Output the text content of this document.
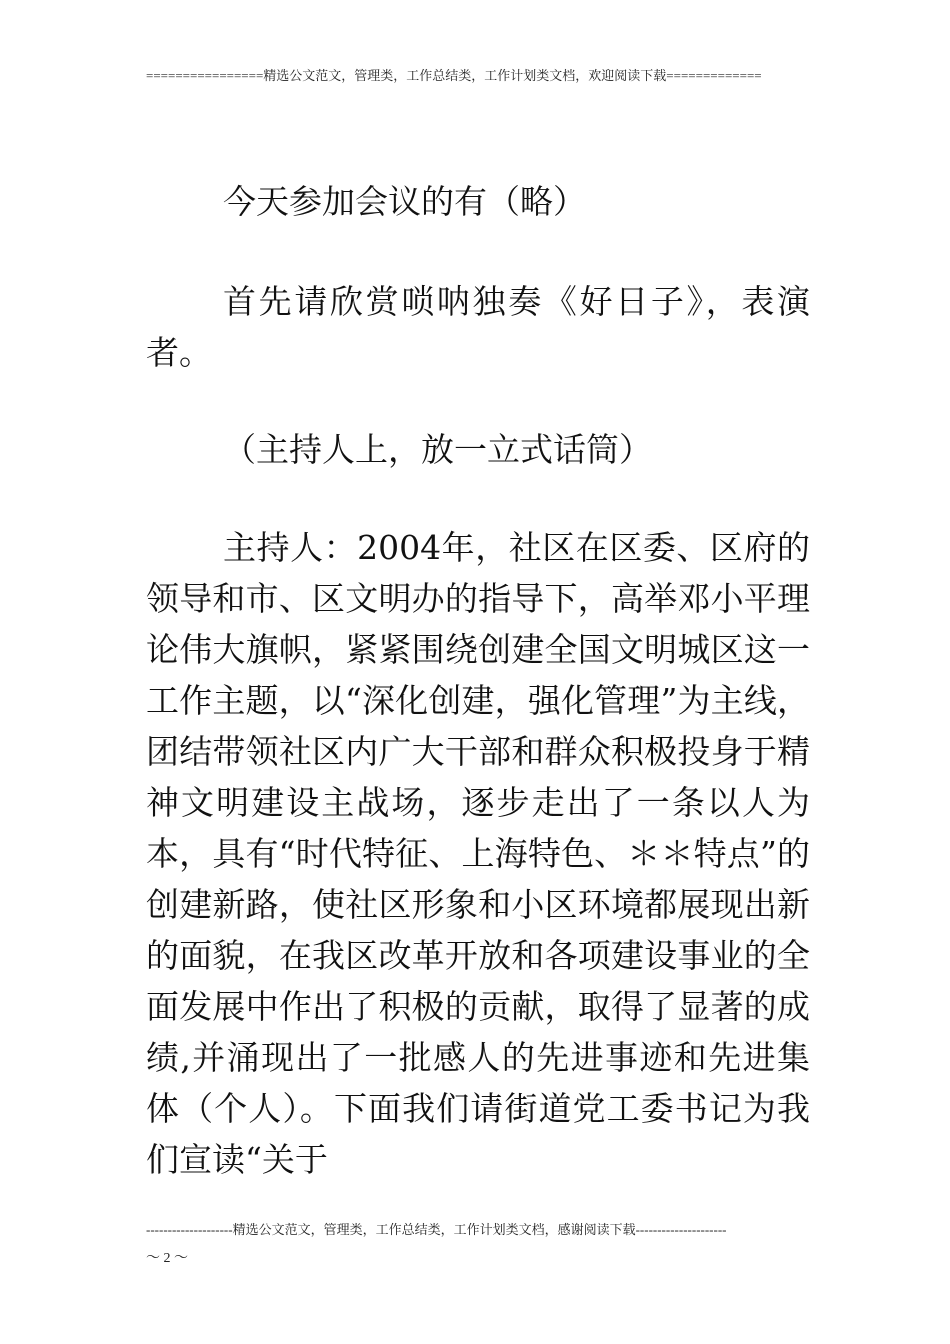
================精选公文范文，管理类，工作总结类，工作计划类文档，欢迎阅读下载=============

今天参加会议的有（略）

首先请欣赏唢呐独奏《好日子》，表演者。

（主持人上，放一立式话筒）

主持人：2004年，社区在区委、区府的领导和市、区文明办的指导下，高举邓小平理论伟大旗帜，紧紧围绕创建全国文明城区这一工作主题，以“深化创建，强化管理”为主线，团结带领社区内广大干部和群众积极投身于精神文明建设主战场，逐步走出了一条以人为本，具有“时代特征、上海特色、＊＊特点”的创建新路，使社区形象和小区环境都展现出新的面貌，在我区改革开放和各项建设事业的全面发展中作出了积极的贡献，取得了显著的成绩,并涌现出了一批感人的先进事迹和先进集体（个人）。下面我们请街道党工委书记为我们宣读“关于

--------------------精选公文范文，管理类，工作总结类，工作计划类文档，感谢阅读下载---------------------
～ 2 ～
